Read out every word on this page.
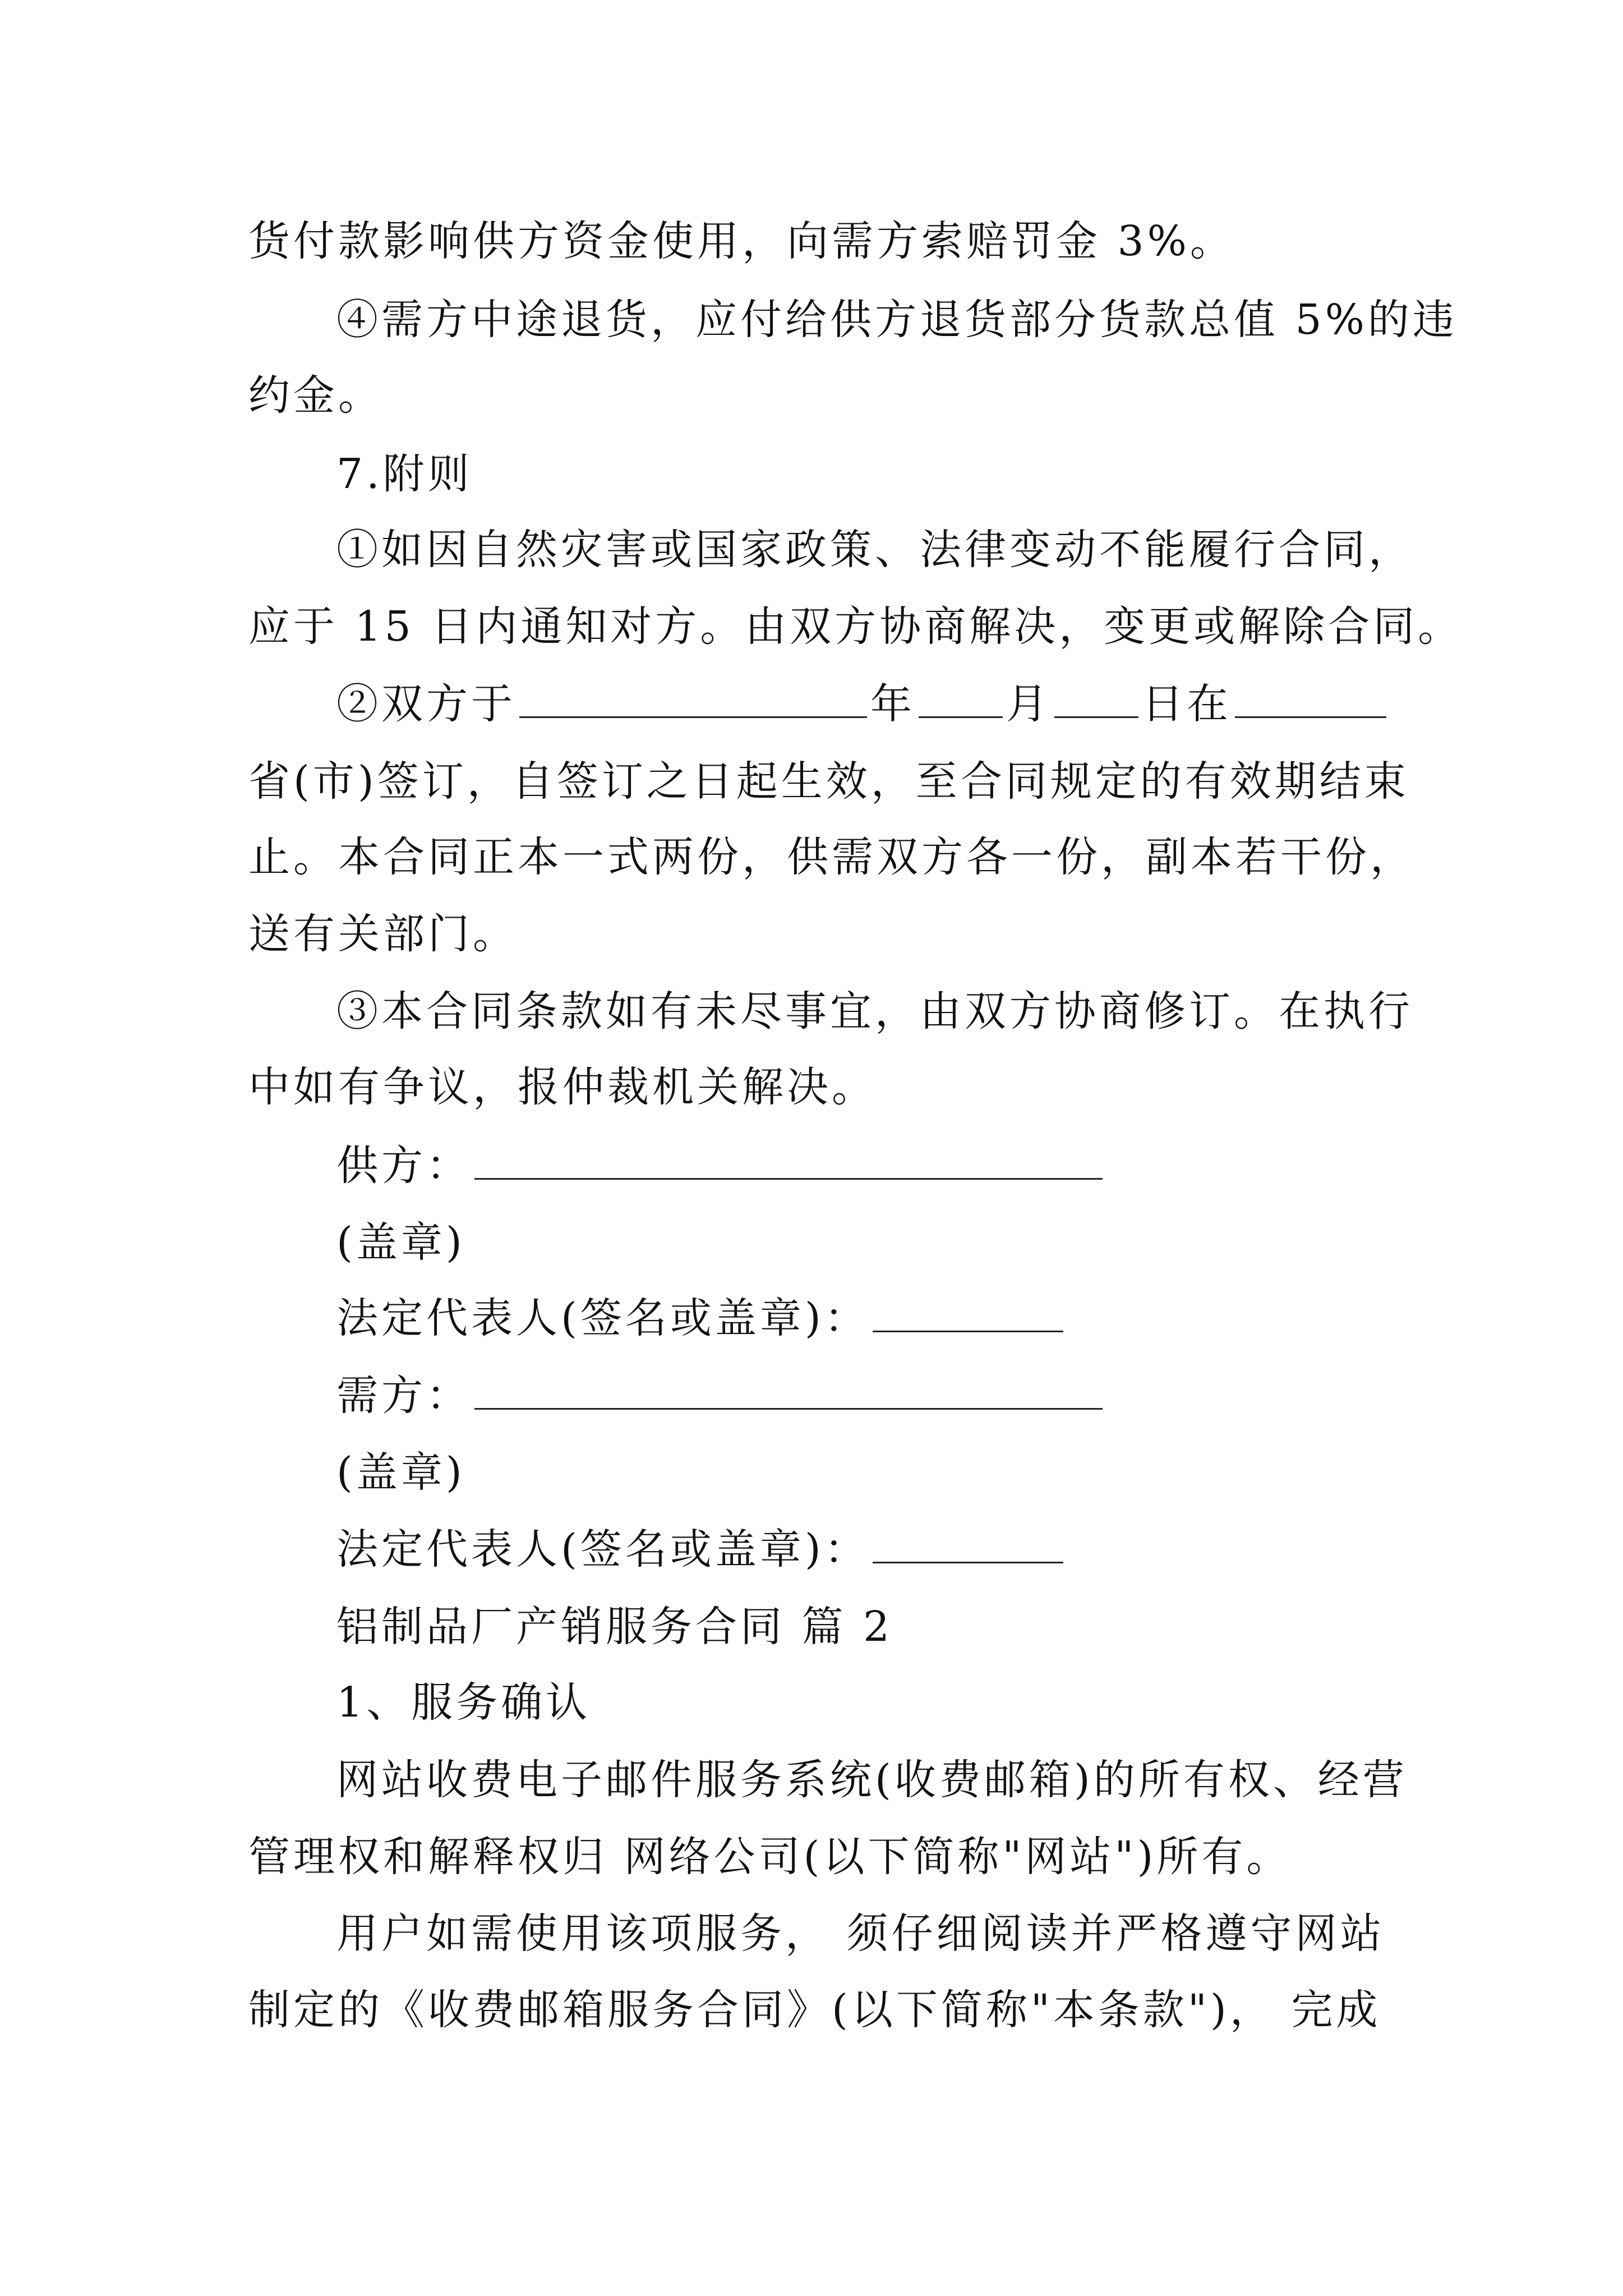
货付款影响供方资金使用，向需方索赔罚金 3%。
④需方中途退货，应付给供方退货部分货款总值 5%的违
约金。
7.附则
①如因自然灾害或国家政策、法律变动不能履行合同，
应于 15 日内通知对方。由双方协商解决，变更或解除合同。
②双方于	年 月 日在
省(市)签订，自签订之日起生效，至合同规定的有效期结束
止。本合同正本一式两份，供需双方各一份，副本若干份，
送有关部门。
③本合同条款如有未尽事宜，由双方协商修订。在执行
中如有争议，报仲裁机关解决。
供方：
(盖章)
法定代表人(签名或盖章)：
需方：
(盖章)
法定代表人(签名或盖章)：
铝制品厂产销服务合同 篇 2
1、服务确认
网站收费电子邮件服务系统(收费邮箱)的所有权、经营
管理权和解释权归 网络公司(以下简称"网站")所有。
用户如需使用该项服务， 须仔细阅读并严格遵守网站
制定的《收费邮箱服务合同》(以下简称"本条款")， 完成
